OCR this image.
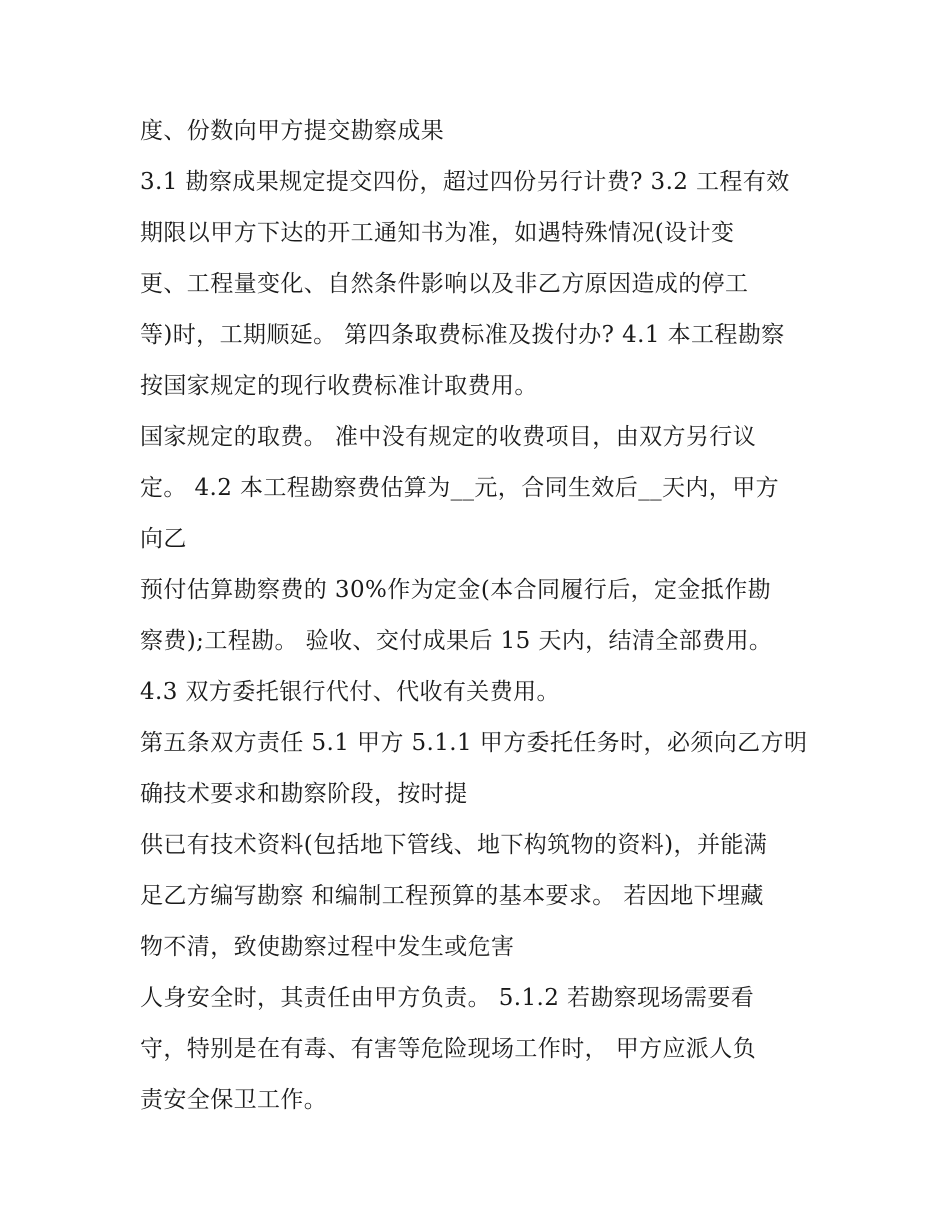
度、份数向甲方提交勘察成果
3.1 勘察成果规定提交四份，超过四份另行计费? 3.2 工程有效
期限以甲方下达的开工通知书为准，如遇特殊情况(设计变
更、工程量变化、自然条件影响以及非乙方原因造成的停工
等)时，工期顺延。 第四条取费标准及拨付办? 4.1 本工程勘察
按国家规定的现行收费标准计取费用。
国家规定的取费。 准中没有规定的收费项目，由双方另行议
定。 4.2 本工程勘察费估算为__元，合同生效后__天内，甲方
向乙
预付估算勘察费的 30%作为定金(本合同履行后，定金抵作勘
察费);工程勘。 验收、交付成果后 15 天内，结清全部费用。
4.3 双方委托银行代付、代收有关费用。
第五条双方责任 5.1 甲方 5.1.1 甲方委托任务时，必须向乙方明
确技术要求和勘察阶段，按时提
供已有技术资料(包括地下管线、地下构筑物的资料)，并能满
足乙方编写勘察 和编制工程预算的基本要求。 若因地下埋藏
物不清，致使勘察过程中发生或危害
人身安全时，其责任由甲方负责。 5.1.2 若勘察现场需要看
守，特别是在有毒、有害等危险现场工作时， 甲方应派人负
责安全保卫工作。
